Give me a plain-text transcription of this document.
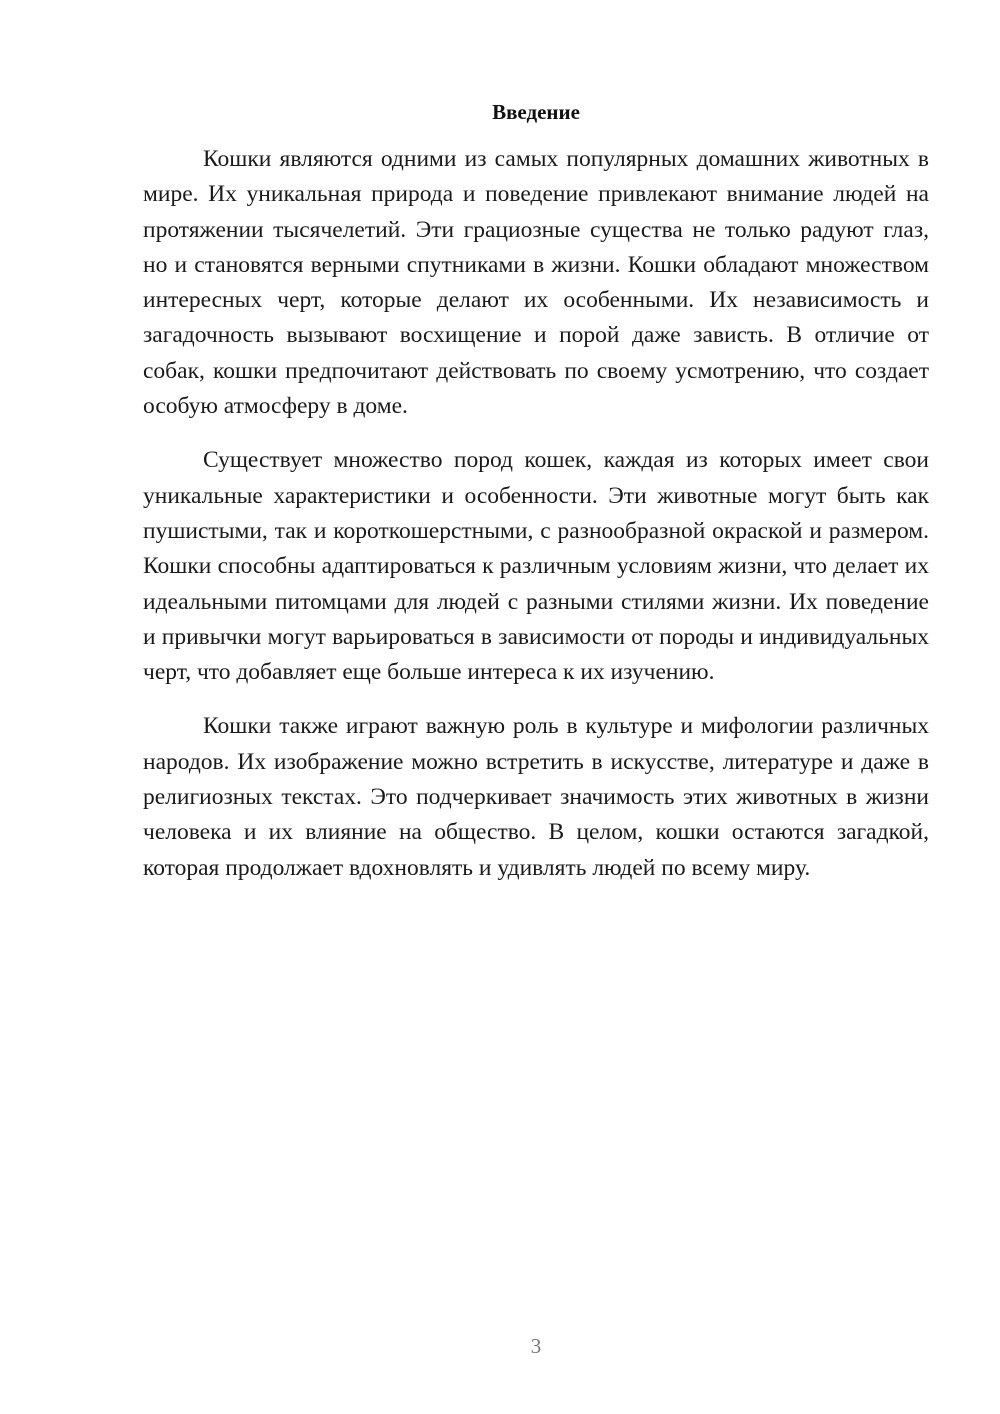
Введение

Кошки являются одними из самых популярных домашних животных в мире. Их уникальная природа и поведение привлекают внимание людей на протяжении тысячелетий. Эти грациозные существа не только радуют глаз, но и становятся верными спутниками в жизни. Кошки обладают множеством интересных черт, которые делают их особенными. Их независимость и загадочность вызывают восхищение и порой даже зависть. В отличие от собак, кошки предпочитают действовать по своему усмотрению, что создает особую атмосферу в доме.

Существует множество пород кошек, каждая из которых имеет свои уникальные характеристики и особенности. Эти животные могут быть как пушистыми, так и короткошерстными, с разнообразной окраской и размером. Кошки способны адаптироваться к различным условиям жизни, что делает их идеальными питомцами для людей с разными стилями жизни. Их поведение и привычки могут варьироваться в зависимости от породы и индивидуальных черт, что добавляет еще больше интереса к их изучению.

Кошки также играют важную роль в культуре и мифологии различных народов. Их изображение можно встретить в искусстве, литературе и даже в религиозных текстах. Это подчеркивает значимость этих животных в жизни человека и их влияние на общество. В целом, кошки остаются загадкой, которая продолжает вдохновлять и удивлять людей по всему миру.

3
